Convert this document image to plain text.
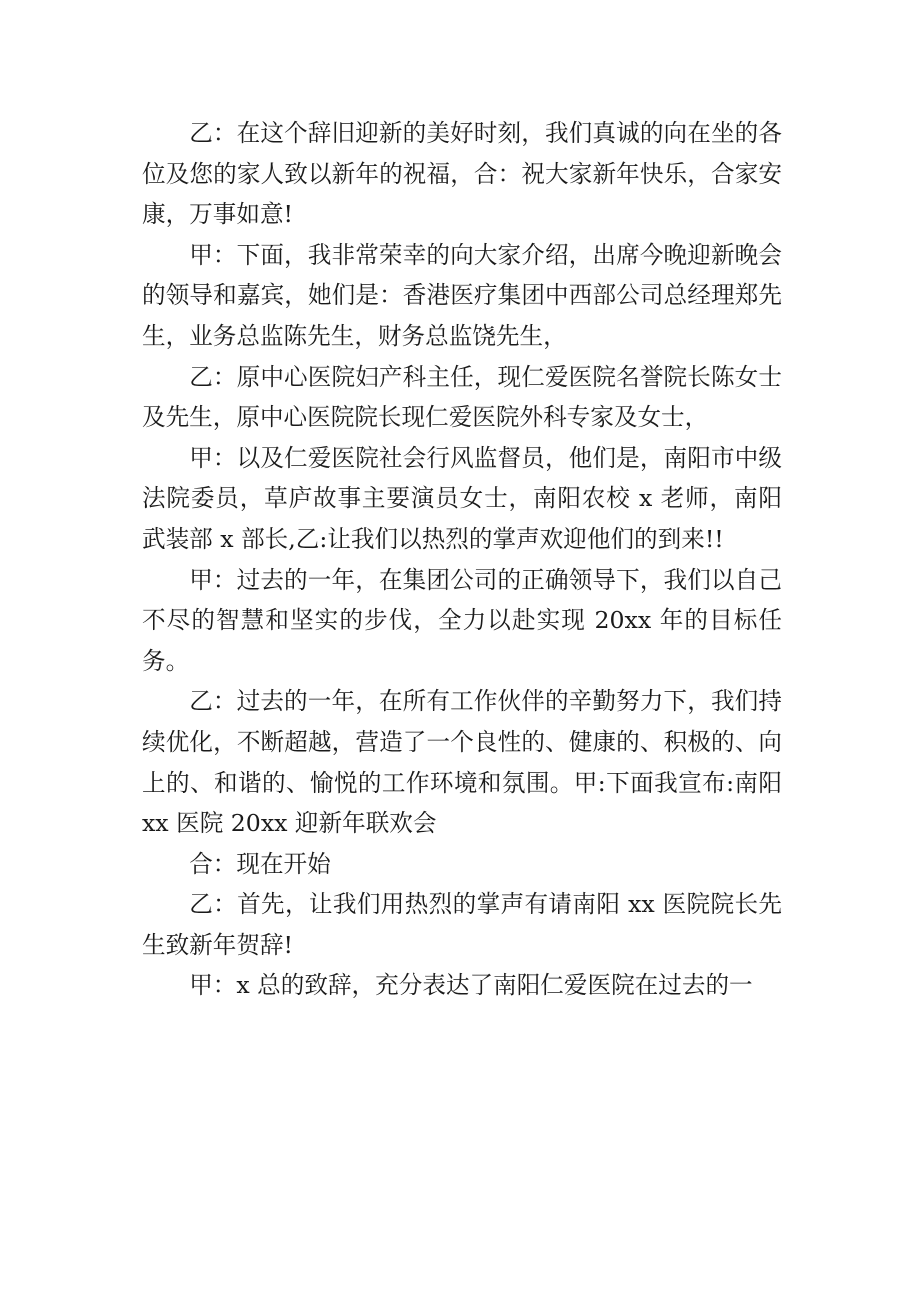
乙：在这个辞旧迎新的美好时刻，我们真诚的向在坐的各位及您的家人致以新年的祝福，合：祝大家新年快乐，合家安康，万事如意!

甲：下面，我非常荣幸的向大家介绍，出席今晚迎新晚会的领导和嘉宾，她们是：香港医疗集团中西部公司总经理郑先生，业务总监陈先生，财务总监饶先生，

乙：原中心医院妇产科主任，现仁爱医院名誉院长陈女士及先生，原中心医院院长现仁爱医院外科专家及女士，

甲：以及仁爱医院社会行风监督员，他们是，南阳市中级法院委员，草庐故事主要演员女士，南阳农校 x 老师，南阳武装部 x 部长,乙:让我们以热烈的掌声欢迎他们的到来!!

甲：过去的一年，在集团公司的正确领导下，我们以自己不尽的智慧和坚实的步伐，全力以赴实现 20xx 年的目标任务。

乙：过去的一年，在所有工作伙伴的辛勤努力下，我们持续优化，不断超越，营造了一个良性的、健康的、积极的、向上的、和谐的、愉悦的工作环境和氛围。甲:下面我宣布:南阳 xx 医院 20xx 迎新年联欢会

合：现在开始

乙：首先，让我们用热烈的掌声有请南阳 xx 医院院长先生致新年贺辞!

甲：x 总的致辞，充分表达了南阳仁爱医院在过去的一
